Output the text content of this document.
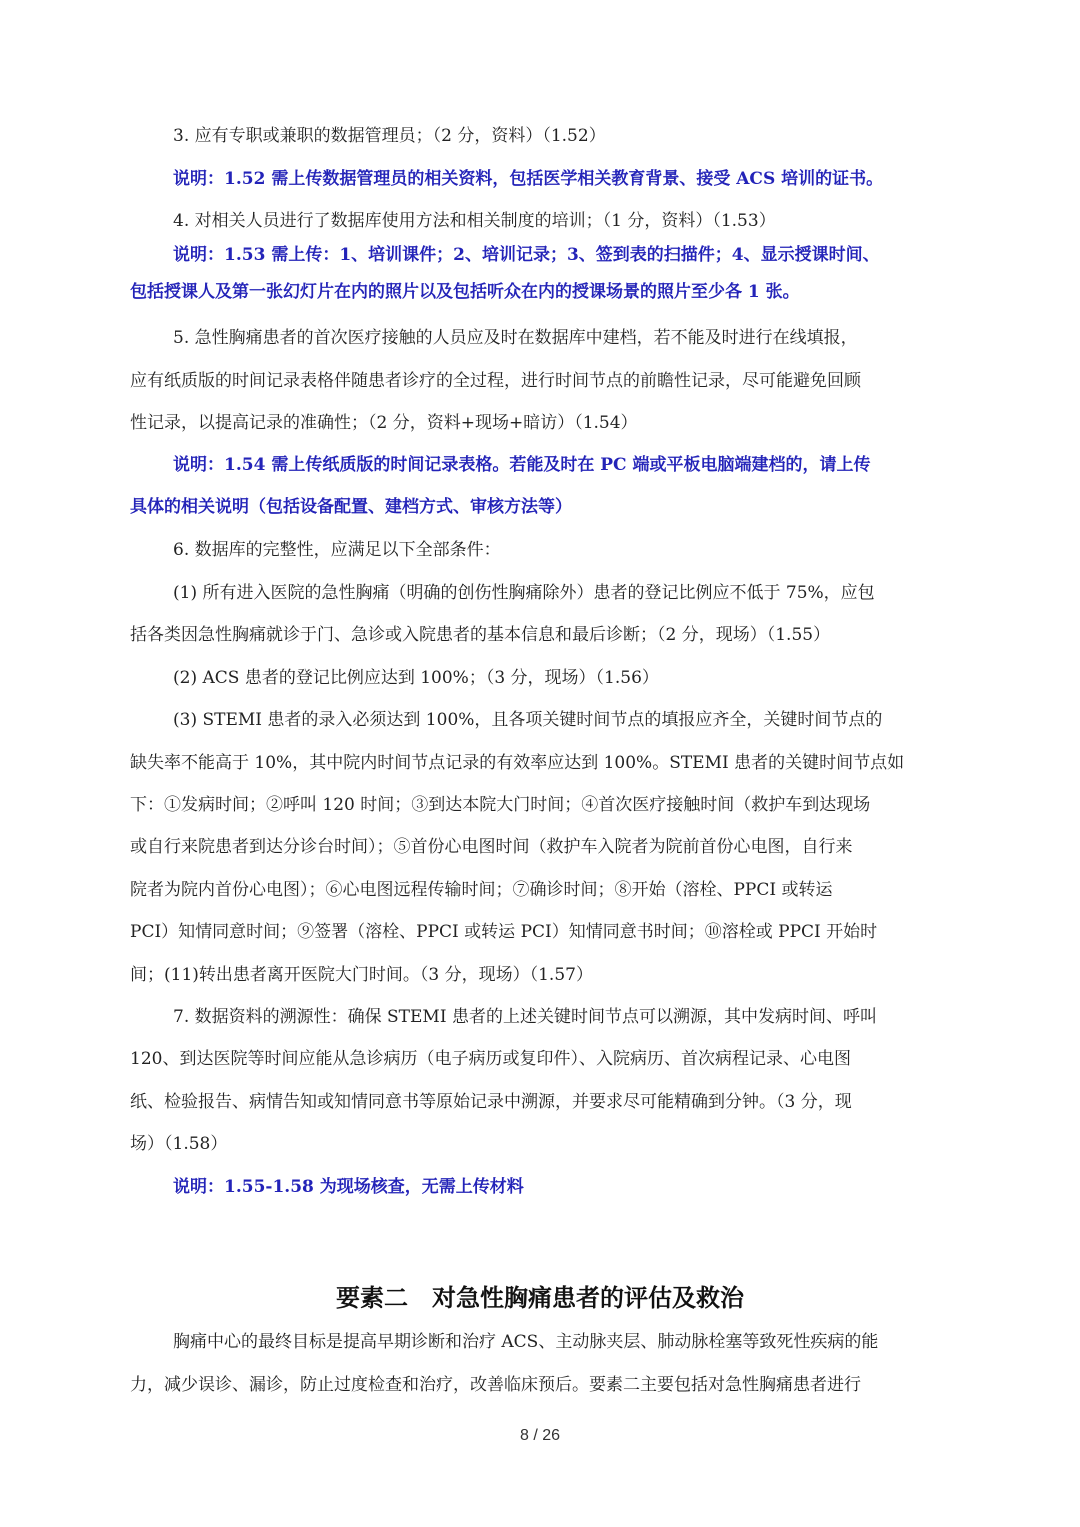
3. 应有专职或兼职的数据管理员；（2 分，资料）（1.52）
说明：1.52 需上传数据管理员的相关资料，包括医学相关教育背景、接受 ACS 培训的证书。
4. 对相关人员进行了数据库使用方法和相关制度的培训；（1 分，资料）（1.53）
说明：1.53 需上传：1、培训课件；2、培训记录；3、签到表的扫描件；4、显示授课时间、
包括授课人及第一张幻灯片在内的照片以及包括听众在内的授课场景的照片至少各 1 张。
5. 急性胸痛患者的首次医疗接触的人员应及时在数据库中建档，若不能及时进行在线填报，
应有纸质版的时间记录表格伴随患者诊疗的全过程，进行时间节点的前瞻性记录，尽可能避免回顾
性记录，以提高记录的准确性；（2 分，资料+现场+暗访）（1.54）
说明：1.54 需上传纸质版的时间记录表格。若能及时在 PC 端或平板电脑端建档的，请上传
具体的相关说明（包括设备配置、建档方式、审核方法等）
6. 数据库的完整性，应满足以下全部条件：
(1) 所有进入医院的急性胸痛（明确的创伤性胸痛除外）患者的登记比例应不低于 75%，应包
括各类因急性胸痛就诊于门、急诊或入院患者的基本信息和最后诊断；（2 分，现场）（1.55）
(2) ACS 患者的登记比例应达到 100%；（3 分，现场）（1.56）
(3) STEMI 患者的录入必须达到 100%，且各项关键时间节点的填报应齐全，关键时间节点的
缺失率不能高于 10%，其中院内时间节点记录的有效率应达到 100%。STEMI 患者的关键时间节点如
下：①发病时间；②呼叫 120 时间；③到达本院大门时间；④首次医疗接触时间（救护车到达现场
或自行来院患者到达分诊台时间）；⑤首份心电图时间（救护车入院者为院前首份心电图，自行来
院者为院内首份心电图）；⑥心电图远程传输时间；⑦确诊时间；⑧开始（溶栓、PPCI 或转运
PCI）知情同意时间；⑨签署（溶栓、PPCI 或转运 PCI）知情同意书时间；⑩溶栓或 PPCI 开始时
间；(11)转出患者离开医院大门时间。（3 分，现场）（1.57）
7. 数据资料的溯源性：确保 STEMI 患者的上述关键时间节点可以溯源，其中发病时间、呼叫
120、到达医院等时间应能从急诊病历（电子病历或复印件）、入院病历、首次病程记录、心电图
纸、检验报告、病情告知或知情同意书等原始记录中溯源，并要求尽可能精确到分钟。（3 分，现
场）（1.58）
说明：1.55-1.58 为现场核查，无需上传材料
要素二　对急性胸痛患者的评估及救治
胸痛中心的最终目标是提高早期诊断和治疗 ACS、主动脉夹层、肺动脉栓塞等致死性疾病的能
力，减少误诊、漏诊，防止过度检查和治疗，改善临床预后。要素二主要包括对急性胸痛患者进行
8 / 26
